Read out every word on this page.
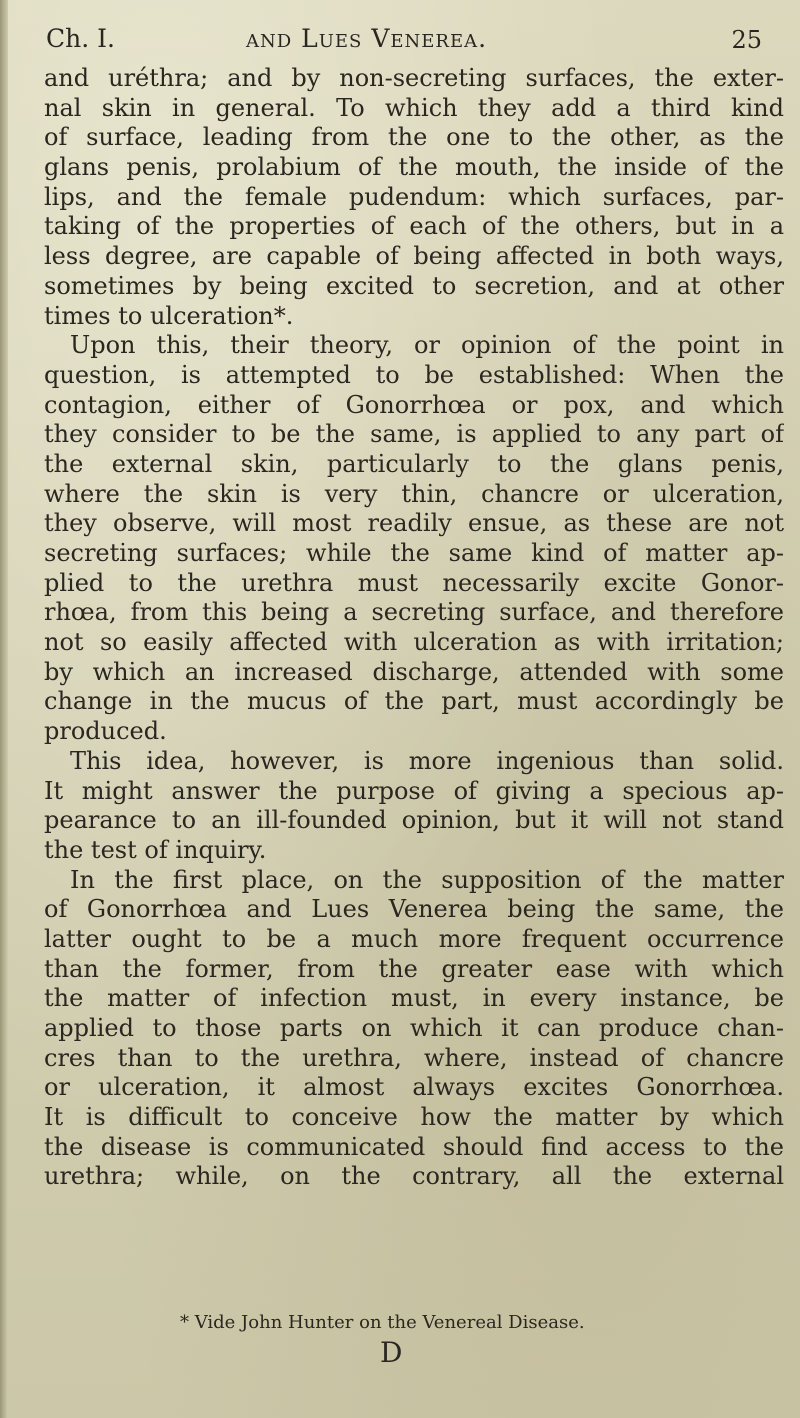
Ch. I.	and Lues Venerea.	25
and uréthra; and by non-secreting surfaces, the exter-
nal skin in general. To which they add a third kind
of surface, leading from the one to the other, as the
glans penis, prolabium of the mouth, the inside of the
lips, and the female pudendum: which surfaces, par-
taking of the properties of each of the others, but in a
less degree, are capable of being affected in both ways,
sometimes by being excited to secretion, and at other
times to ulceration*.
Upon this, their theory, or opinion of the point in
question, is attempted to be established: When the
contagion, either of Gonorrhœa or pox, and which
they consider to be the same, is applied to any part of
the external skin, particularly to the glans penis,
where the skin is very thin, chancre or ulceration,
they observe, will most readily ensue, as these are not
secreting surfaces; while the same kind of matter ap-
plied to the urethra must necessarily excite Gonor-
rhœa, from this being a secreting surface, and therefore
not so easily affected with ulceration as with irritation;
by which an increased discharge, attended with some
change in the mucus of the part, must accordingly be
produced.
This idea, however, is more ingenious than solid.
It might answer the purpose of giving a specious ap-
pearance to an ill-founded opinion, but it will not stand
the test of inquiry.
In the first place, on the supposition of the matter
of Gonorrhœa and Lues Venerea being the same, the
latter ought to be a much more frequent occurrence
than the former, from the greater ease with which
the matter of infection must, in every instance, be
applied to those parts on which it can produce chan-
cres than to the urethra, where, instead of chancre
or ulceration, it almost always excites Gonorrhœa.
It is difficult to conceive how the matter by which
the disease is communicated should find access to the
urethra; while, on the contrary, all the external
* Vide John Hunter on the Venereal Disease.
D
